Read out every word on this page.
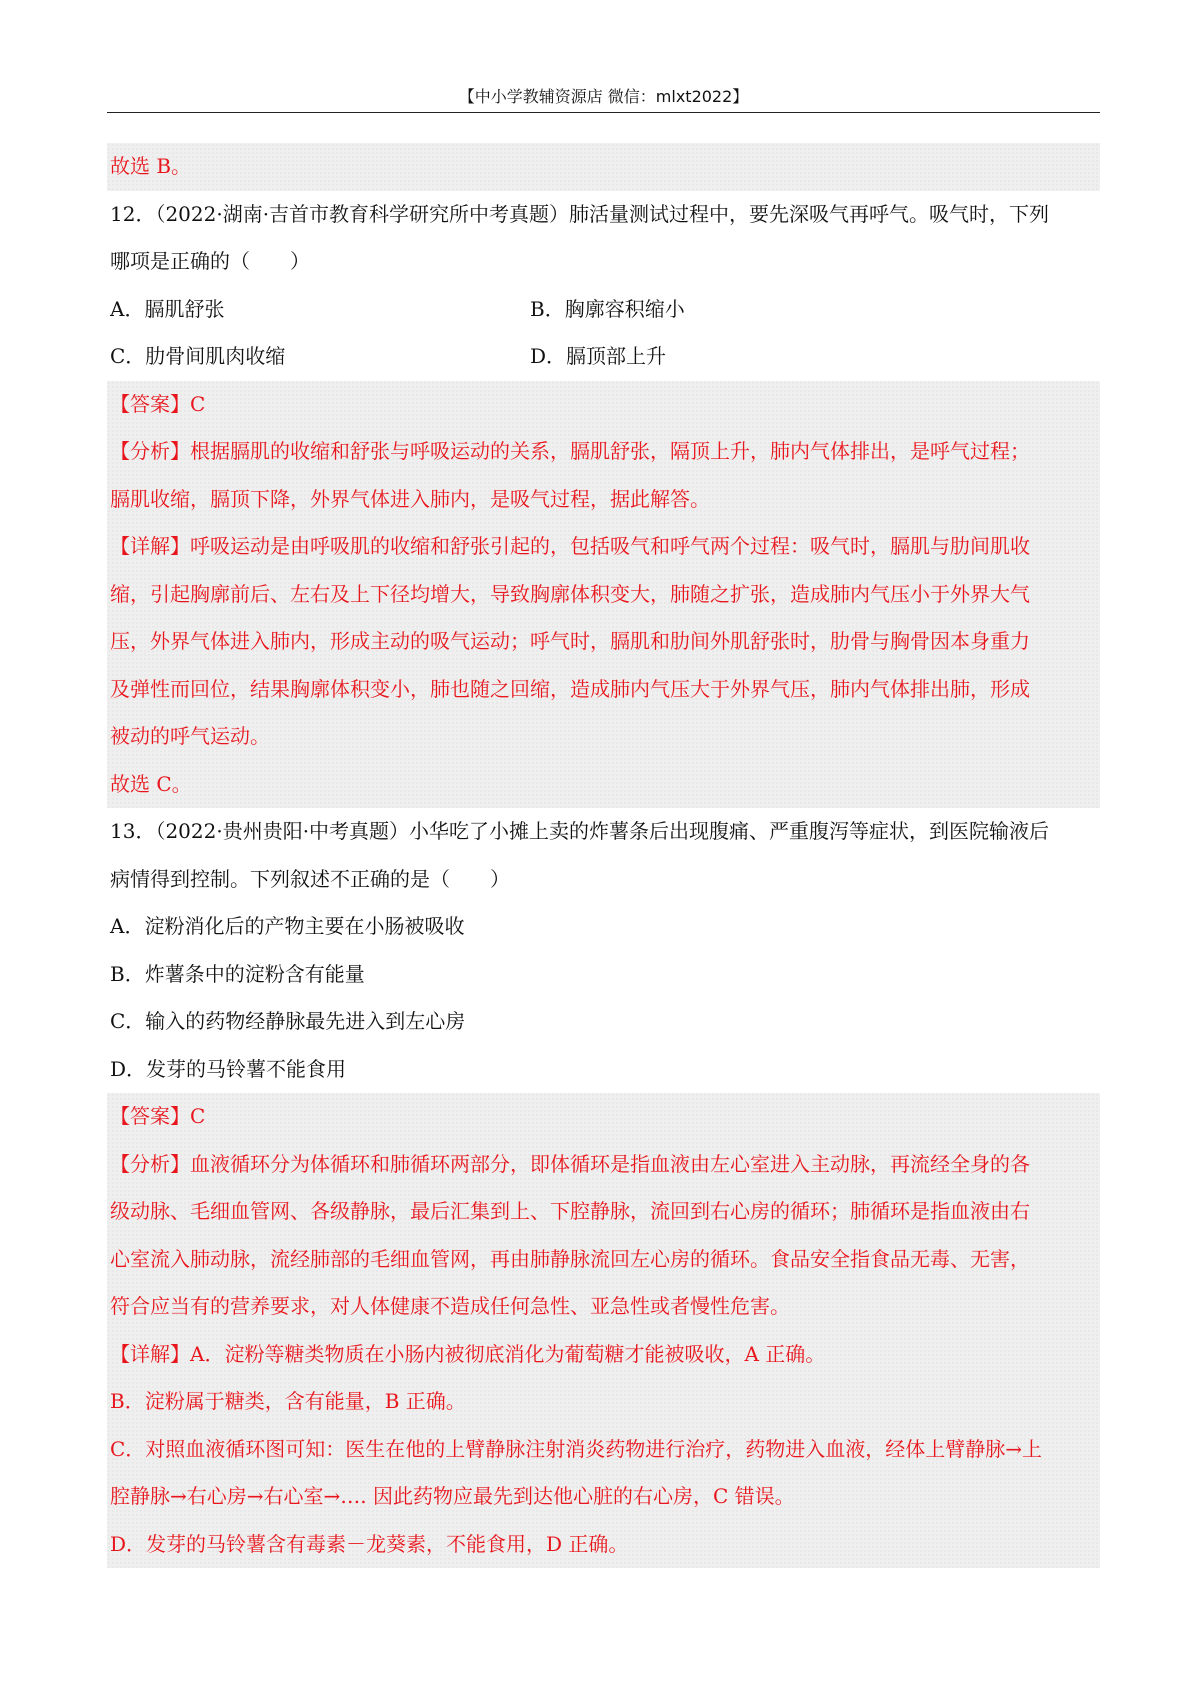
【中小学教辅资源店 微信：mlxt2022】
故选 B。
12．（2022·湖南·吉首市教育科学研究所中考真题）肺活量测试过程中，要先深吸气再呼气。吸气时，下列
哪项是正确的（　　）
A．膈肌舒张	B．胸廓容积缩小
C．肋骨间肌肉收缩	D．膈顶部上升
【答案】C
【分析】根据膈肌的收缩和舒张与呼吸运动的关系，膈肌舒张，隔顶上升，肺内气体排出，是呼气过程；
膈肌收缩，膈顶下降，外界气体进入肺内，是吸气过程，据此解答。
【详解】呼吸运动是由呼吸肌的收缩和舒张引起的，包括吸气和呼气两个过程：吸气时，膈肌与肋间肌收
缩，引起胸廓前后、左右及上下径均增大，导致胸廓体积变大，肺随之扩张，造成肺内气压小于外界大气
压，外界气体进入肺内，形成主动的吸气运动；呼气时，膈肌和肋间外肌舒张时，肋骨与胸骨因本身重力
及弹性而回位，结果胸廓体积变小，肺也随之回缩，造成肺内气压大于外界气压，肺内气体排出肺，形成
被动的呼气运动。
故选 C。
13．（2022·贵州贵阳·中考真题）小华吃了小摊上卖的炸薯条后出现腹痛、严重腹泻等症状，到医院输液后
病情得到控制。下列叙述不正确的是（　　）
A．淀粉消化后的产物主要在小肠被吸收
B．炸薯条中的淀粉含有能量
C．输入的药物经静脉最先进入到左心房
D．发芽的马铃薯不能食用
【答案】C
【分析】血液循环分为体循环和肺循环两部分，即体循环是指血液由左心室进入主动脉，再流经全身的各
级动脉、毛细血管网、各级静脉，最后汇集到上、下腔静脉，流回到右心房的循环；肺循环是指血液由右
心室流入肺动脉，流经肺部的毛细血管网，再由肺静脉流回左心房的循环。食品安全指食品无毒、无害，
符合应当有的营养要求，对人体健康不造成任何急性、亚急性或者慢性危害。
【详解】A．淀粉等糖类物质在小肠内被彻底消化为葡萄糖才能被吸收，A 正确。
B．淀粉属于糖类，含有能量，B 正确。
C．对照血液循环图可知：医生在他的上臂静脉注射消炎药物进行治疗，药物进入血液，经体上臂静脉→上
腔静脉→右心房→右心室→…. 因此药物应最先到达他心脏的右心房，C 错误。
D．发芽的马铃薯含有毒素－龙葵素，不能食用，D 正确。
